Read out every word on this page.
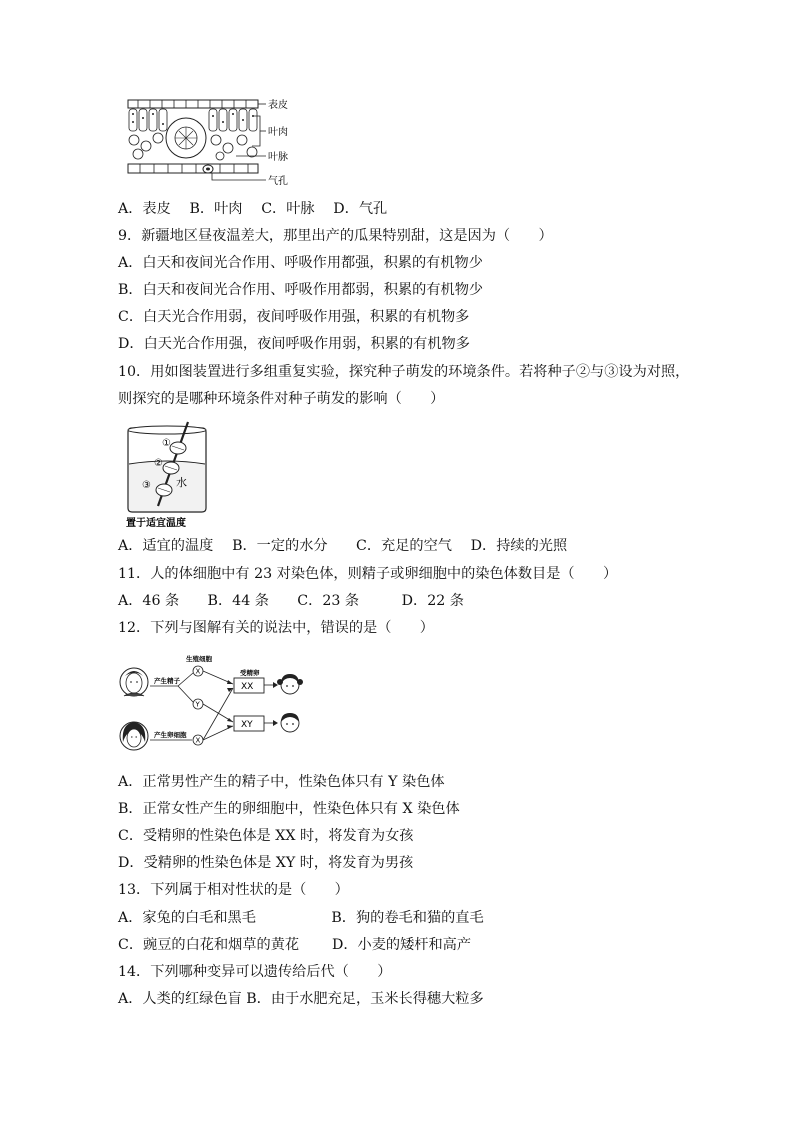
表皮
叶肉
叶脉
气孔
A．表皮　 B．叶肉　 C．叶脉　 D．气孔
9．新疆地区昼夜温差大，那里出产的瓜果特别甜，这是因为（　　）
A．白天和夜间光合作用、呼吸作用都强，积累的有机物少
B．白天和夜间光合作用、呼吸作用都弱，积累的有机物少
C．白天光合作用弱，夜间呼吸作用强，积累的有机物多
D．白天光合作用强，夜间呼吸作用弱，积累的有机物多
10．用如图装置进行多组重复实验，探究种子萌发的环境条件。若将种子②与③设为对照，
则探究的是哪种环境条件对种子萌发的影响（　　）
①
②
③ 水
置于适宜温度
A．适宜的温度　 B．一定的水分　　C．充足的空气　 D．持续的光照
11．人的体细胞中有 23 对染色体，则精子或卵细胞中的染色体数目是（　　）
A．46 条　　B．44 条　　C．23 条　　　D．22 条
12．下列与图解有关的说法中，错误的是（　　）
生殖细胞
受精卵
X
Y
X
产生精子
产生卵细胞
XX
XY
A．正常男性产生的精子中，性染色体只有 Y 染色体
B．正常女性产生的卵细胞中，性染色体只有 X 染色体
C．受精卵的性染色体是 XX 时，将发育为女孩
D．受精卵的性染色体是 XY 时，将发育为男孩
13．下列属于相对性状的是（　　）
A．家兔的白毛和黑毛　　　　　 B．狗的卷毛和猫的直毛
C．豌豆的白花和烟草的黄花　　 D．小麦的矮杆和高产
14．下列哪种变异可以遗传给后代（　　）
A．人类的红绿色盲 B．由于水肥充足，玉米长得穗大粒多
